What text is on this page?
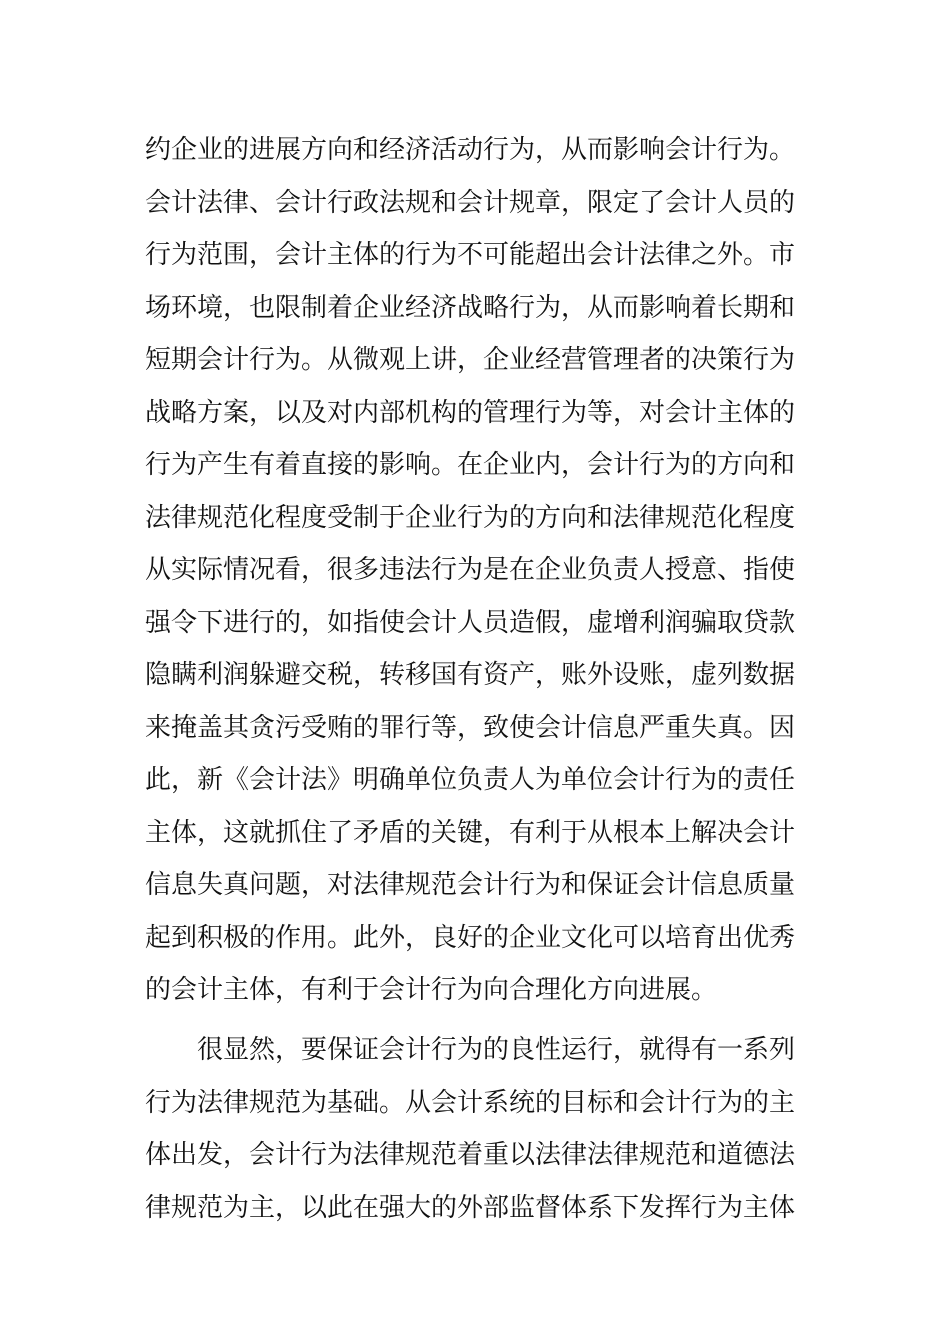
约企业的进展方向和经济活动行为，从而影响会计行为。
会计法律、会计行政法规和会计规章，限定了会计人员的
行为范围，会计主体的行为不可能超出会计法律之外。市
场环境，也限制着企业经济战略行为，从而影响着长期和
短期会计行为。从微观上讲，企业经营管理者的决策行为
战略方案，以及对内部机构的管理行为等，对会计主体的
行为产生有着直接的影响。在企业内，会计行为的方向和
法律规范化程度受制于企业行为的方向和法律规范化程度
从实际情况看，很多违法行为是在企业负责人授意、指使
强令下进行的，如指使会计人员造假，虚增利润骗取贷款
隐瞒利润躲避交税，转移国有资产，账外设账，虚列数据
来掩盖其贪污受贿的罪行等，致使会计信息严重失真。因
此，新《会计法》明确单位负责人为单位会计行为的责任
主体，这就抓住了矛盾的关键，有利于从根本上解决会计
信息失真问题，对法律规范会计行为和保证会计信息质量
起到积极的作用。此外，良好的企业文化可以培育出优秀
的会计主体，有利于会计行为向合理化方向进展。
很显然，要保证会计行为的良性运行，就得有一系列
行为法律规范为基础。从会计系统的目标和会计行为的主
体出发，会计行为法律规范着重以法律法律规范和道德法
律规范为主，以此在强大的外部监督体系下发挥行为主体
